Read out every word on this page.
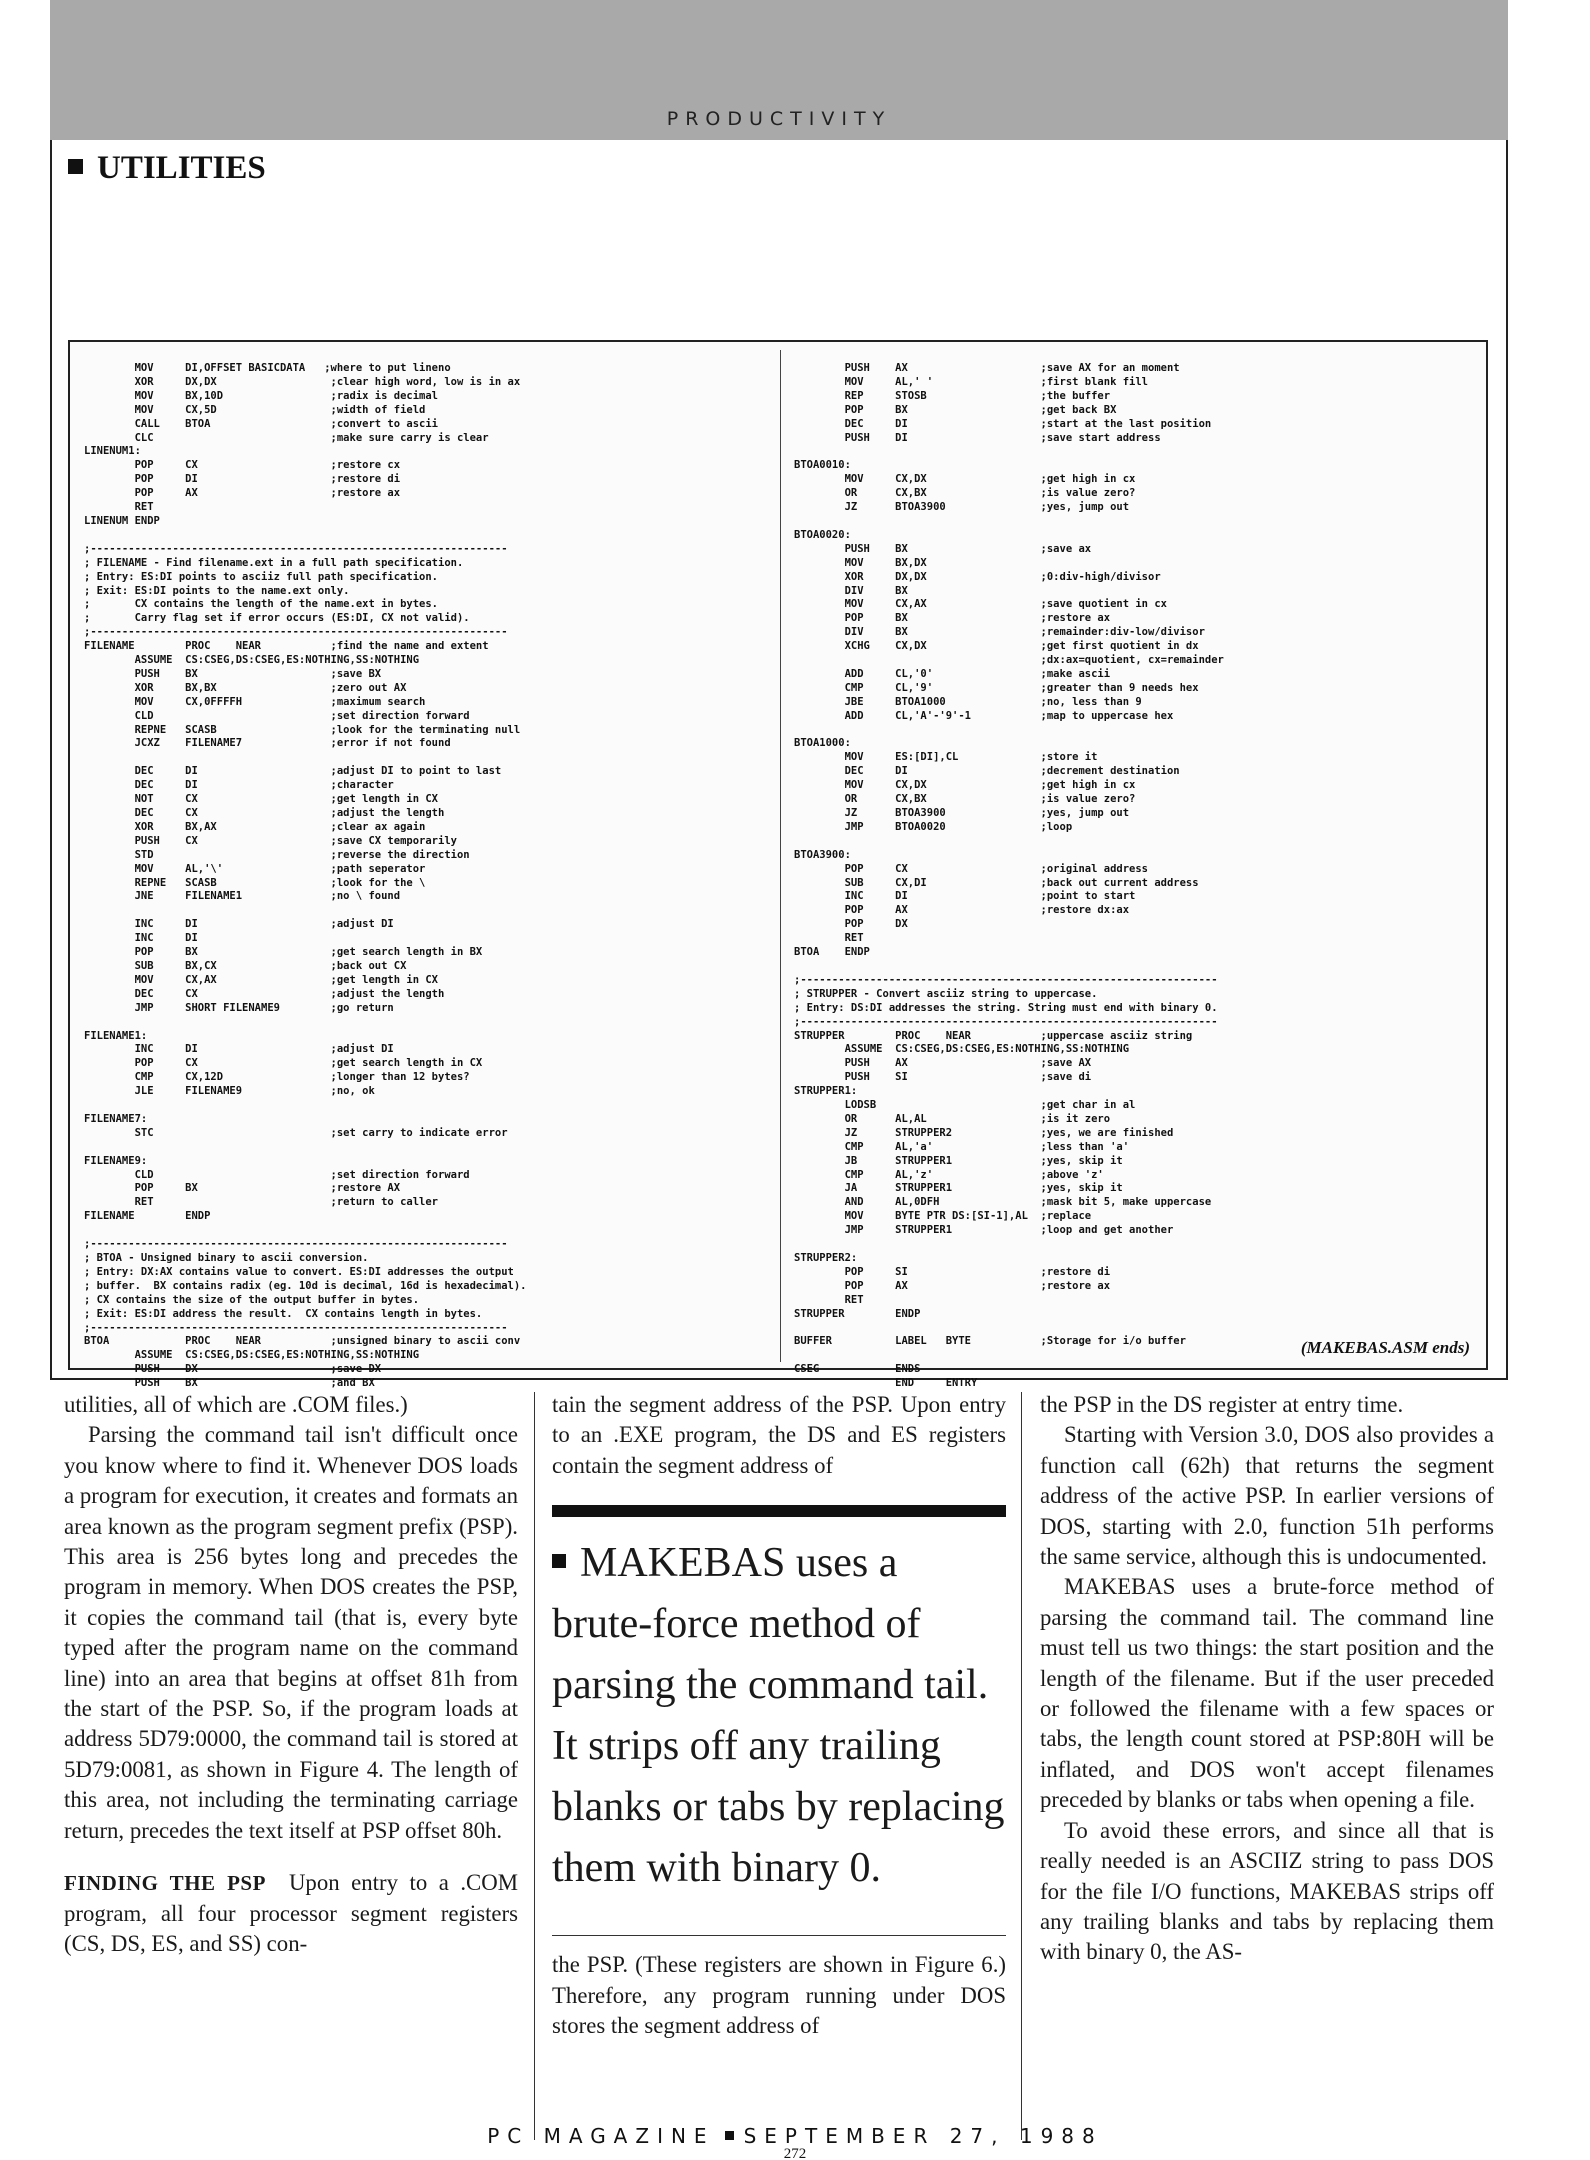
PRODUCTIVITY
UTILITIES
MOV     DI,OFFSET BASICDATA   ;where to put lineno
XOR     DX,DX                  ;clear high word, low is in ax
MOV     BX,10D                 ;radix is decimal
MOV     CX,5D                  ;width of field
CALL    BTOA                   ;convert to ascii
CLC                            ;make sure carry is clear
LINENUM1:
POP     CX                     ;restore cx
POP     DI                     ;restore di
POP     AX                     ;restore ax
RET
LINENUM ENDP

;------------------------------------------------------------------
; FILENAME - Find filename.ext in a full path specification.
; Entry: ES:DI points to asciiz full path specification.
; Exit: ES:DI points to the name.ext only.
;       CX contains the length of the name.ext in bytes.
;       Carry flag set if error occurs (ES:DI, CX not valid).
;------------------------------------------------------------------
FILENAME        PROC    NEAR           ;find the name and extent
ASSUME  CS:CSEG,DS:CSEG,ES:NOTHING,SS:NOTHING
PUSH    BX                     ;save BX
XOR     BX,BX                  ;zero out AX
MOV     CX,0FFFFH              ;maximum search
CLD                            ;set direction forward
REPNE   SCASB                  ;look for the terminating null
JCXZ    FILENAME7              ;error if not found

DEC     DI                     ;adjust DI to point to last
DEC     DI                     ;character
NOT     CX                     ;get length in CX
DEC     CX                     ;adjust the length
XOR     BX,AX                  ;clear ax again
PUSH    CX                     ;save CX temporarily
STD                            ;reverse the direction
MOV     AL,'\'                 ;path seperator
REPNE   SCASB                  ;look for the \
JNE     FILENAME1              ;no \ found

INC     DI                     ;adjust DI
INC     DI
POP     BX                     ;get search length in BX
SUB     BX,CX                  ;back out CX
MOV     CX,AX                  ;get length in CX
DEC     CX                     ;adjust the length
JMP     SHORT FILENAME9        ;go return

FILENAME1:
INC     DI                     ;adjust DI
POP     CX                     ;get search length in CX
CMP     CX,12D                 ;longer than 12 bytes?
JLE     FILENAME9              ;no, ok

FILENAME7:
STC                            ;set carry to indicate error

FILENAME9:
CLD                            ;set direction forward
POP     BX                     ;restore AX
RET                            ;return to caller
FILENAME        ENDP

;------------------------------------------------------------------
; BTOA - Unsigned binary to ascii conversion.
; Entry: DX:AX contains value to convert. ES:DI addresses the output
; buffer.  BX contains radix (eg. 10d is decimal, 16d is hexadecimal).
; CX contains the size of the output buffer in bytes.
; Exit: ES:DI address the result.  CX contains length in bytes.
;------------------------------------------------------------------
BTOA            PROC    NEAR           ;unsigned binary to ascii conv
ASSUME  CS:CSEG,DS:CSEG,ES:NOTHING,SS:NOTHING
PUSH    DX                     ;save DX
PUSH    BX                     ;and BX
PUSH    AX                     ;save AX for an moment
MOV     AL,' '                 ;first blank fill
REP     STOSB                  ;the buffer
POP     BX                     ;get back BX
DEC     DI                     ;start at the last position
PUSH    DI                     ;save start address

BTOA0010:
MOV     CX,DX                  ;get high in cx
OR      CX,BX                  ;is value zero?
JZ      BTOA3900               ;yes, jump out

BTOA0020:
PUSH    BX                     ;save ax
MOV     BX,DX
XOR     DX,DX                  ;0:div-high/divisor
DIV     BX
MOV     CX,AX                  ;save quotient in cx
POP     BX                     ;restore ax
DIV     BX                     ;remainder:div-low/divisor
XCHG    CX,DX                  ;get first quotient in dx
;dx:ax=quotient, cx=remainder
ADD     CL,'0'                 ;make ascii
CMP     CL,'9'                 ;greater than 9 needs hex
JBE     BTOA1000               ;no, less than 9
ADD     CL,'A'-'9'-1           ;map to uppercase hex

BTOA1000:
MOV     ES:[DI],CL             ;store it
DEC     DI                     ;decrement destination
MOV     CX,DX                  ;get high in cx
OR      CX,BX                  ;is value zero?
JZ      BTOA3900               ;yes, jump out
JMP     BTOA0020               ;loop

BTOA3900:
POP     CX                     ;original address
SUB     CX,DI                  ;back out current address
INC     DI                     ;point to start
POP     AX                     ;restore dx:ax
POP     DX
RET
BTOA    ENDP

;------------------------------------------------------------------
; STRUPPER - Convert asciiz string to uppercase.
; Entry: DS:DI addresses the string. String must end with binary 0.
;------------------------------------------------------------------
STRUPPER        PROC    NEAR           ;uppercase asciiz string
ASSUME  CS:CSEG,DS:CSEG,ES:NOTHING,SS:NOTHING
PUSH    AX                     ;save AX
PUSH    SI                     ;save di
STRUPPER1:
LODSB                          ;get char in al
OR      AL,AL                  ;is it zero
JZ      STRUPPER2              ;yes, we are finished
CMP     AL,'a'                 ;less than 'a'
JB      STRUPPER1              ;yes, skip it
CMP     AL,'z'                 ;above 'z'
JA      STRUPPER1              ;yes, skip it
AND     AL,0DFH                ;mask bit 5, make uppercase
MOV     BYTE PTR DS:[SI-1],AL  ;replace
JMP     STRUPPER1              ;loop and get another

STRUPPER2:
POP     SI                     ;restore di
POP     AX                     ;restore ax
RET
STRUPPER        ENDP

BUFFER          LABEL   BYTE           ;Storage for i/o buffer

CSEG            ENDS
END     ENTRY
(MAKEBAS.ASM ends)

utilities, all of which are .COM files.)

Parsing the command tail isn't difficult once you know where to find it. Whenever DOS loads a program for execution, it creates and formats an area known as the program segment prefix (PSP). This area is 256 bytes long and precedes the program in memory. When DOS creates the PSP, it copies the command tail (that is, every byte typed after the program name on the command line) into an area that begins at offset 81h from the start of the PSP. So, if the program loads at address 5D79:0000, the command tail is stored at 5D79:0081, as shown in Figure 4. The length of this area, not including the terminating carriage return, precedes the text itself at PSP offset 80h.

FINDING THE PSP Upon entry to a .COM program, all four processor segment registers (CS, DS, ES, and SS) con-

tain the segment address of the PSP. Upon entry to an .EXE program, the DS and ES registers contain the segment address of

MAKEBAS uses a brute-force method of parsing the command tail. It strips off any trailing blanks or tabs by replacing them with binary 0.

the PSP. (These registers are shown in Figure 6.) Therefore, any program running under DOS stores the segment address of

the PSP in the DS register at entry time.

Starting with Version 3.0, DOS also provides a function call (62h) that returns the segment address of the active PSP. In earlier versions of DOS, starting with 2.0, function 51h performs the same service, although this is undocumented.

MAKEBAS uses a brute-force method of parsing the command tail. The command line must tell us two things: the start position and the length of the filename. But if the user preceded or followed the filename with a few spaces or tabs, the length count stored at PSP:80H will be inflated, and DOS won't accept filenames preceded by blanks or tabs when opening a file.

To avoid these errors, and since all that is really needed is an ASCIIZ string to pass DOS for the file I/O functions, MAKEBAS strips off any trailing blanks and tabs by replacing them with binary 0, the AS-

PC MAGAZINE SEPTEMBER 27, 1988
272
